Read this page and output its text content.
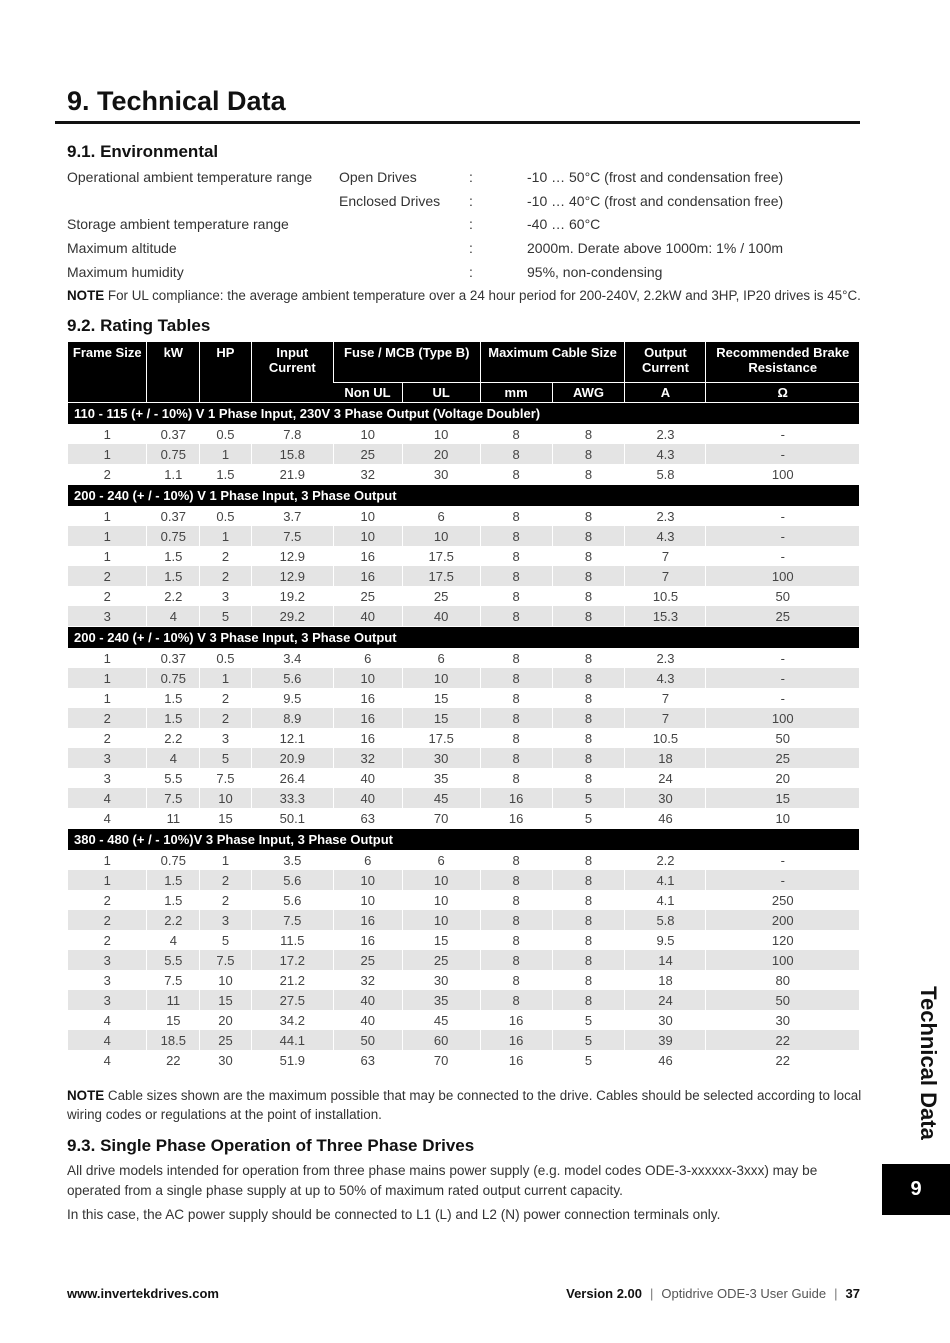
9. Technical Data
9.1. Environmental
Operational ambient temperature range Open Drives	:	-10 … 50°C (frost and condensation free)
Enclosed Drives :	-10 … 40°C (frost and condensation free)
Storage ambient temperature range	:	-40 … 60°C
Maximum altitude	:	2000m. Derate above 1000m: 1% / 100m
Maximum humidity	:	95%, non-condensing
NOTE For UL compliance: the average ambient temperature over a 24 hour period for 200-240V, 2.2kW and 3HP, IP20 drives is 45°C.
9.2. Rating Tables
Frame Size	kW	HP	Input Current	Fuse / MCB (Type B)		Maximum Cable Size		Output Current	Recommended Brake Resistance
				Non UL	UL	mm	AWG	A	Ω
110 - 115 (+ / - 10%) V 1 Phase Input, 230V 3 Phase Output (Voltage Doubler)									
1	0.37	0.5	7.8	10	10	8	8	2.3	-
1	0.75	1	15.8	25	20	8	8	4.3	-
2	1.1	1.5	21.9	32	30	8	8	5.8	100
200 - 240 (+ / - 10%) V 1 Phase Input, 3 Phase Output									
1	0.37	0.5	3.7	10	6	8	8	2.3	-
1	0.75	1	7.5	10	10	8	8	4.3	-
1	1.5	2	12.9	16	17.5	8	8	7	-
2	1.5	2	12.9	16	17.5	8	8	7	100
2	2.2	3	19.2	25	25	8	8	10.5	50
3	4	5	29.2	40	40	8	8	15.3	25
200 - 240 (+ / - 10%) V 3 Phase Input, 3 Phase Output									
1	0.37	0.5	3.4	6	6	8	8	2.3	-
1	0.75	1	5.6	10	10	8	8	4.3	-
1	1.5	2	9.5	16	15	8	8	7	-
2	1.5	2	8.9	16	15	8	8	7	100
2	2.2	3	12.1	16	17.5	8	8	10.5	50
3	4	5	20.9	32	30	8	8	18	25
3	5.5	7.5	26.4	40	35	8	8	24	20
4	7.5	10	33.3	40	45	16	5	30	15
4	11	15	50.1	63	70	16	5	46	10
380 - 480 (+ / - 10%)V 3 Phase Input, 3 Phase Output									
1	0.75	1	3.5	6	6	8	8	2.2	-
1	1.5	2	5.6	10	10	8	8	4.1	-
2	1.5	2	5.6	10	10	8	8	4.1	250
2	2.2	3	7.5	16	10	8	8	5.8	200
2	4	5	11.5	16	15	8	8	9.5	120
3	5.5	7.5	17.2	25	25	8	8	14	100
3	7.5	10	21.2	32	30	8	8	18	80
3	11	15	27.5	40	35	8	8	24	50
4	15	20	34.2	40	45	16	5	30	30
4	18.5	25	44.1	50	60	16	5	39	22
4	22	30	51.9	63	70	16	5	46	22
NOTE Cable sizes shown are the maximum possible that may be connected to the drive. Cables should be selected according to local wiring codes or regulations at the point of installation.
9.3. Single Phase Operation of Three Phase Drives

All drive models intended for operation from three phase mains power supply (e.g. model codes ODE-3-xxxxxx-3xxx) may be operated from a single phase supply at up to 50% of maximum rated output current capacity.

In this case, the AC power supply should be connected to L1 (L) and L2 (N) power connection terminals only.

Technical Data
9
www.invertekdrives.com	Version 2.00 | Optidrive ODE-3 User Guide | 37
